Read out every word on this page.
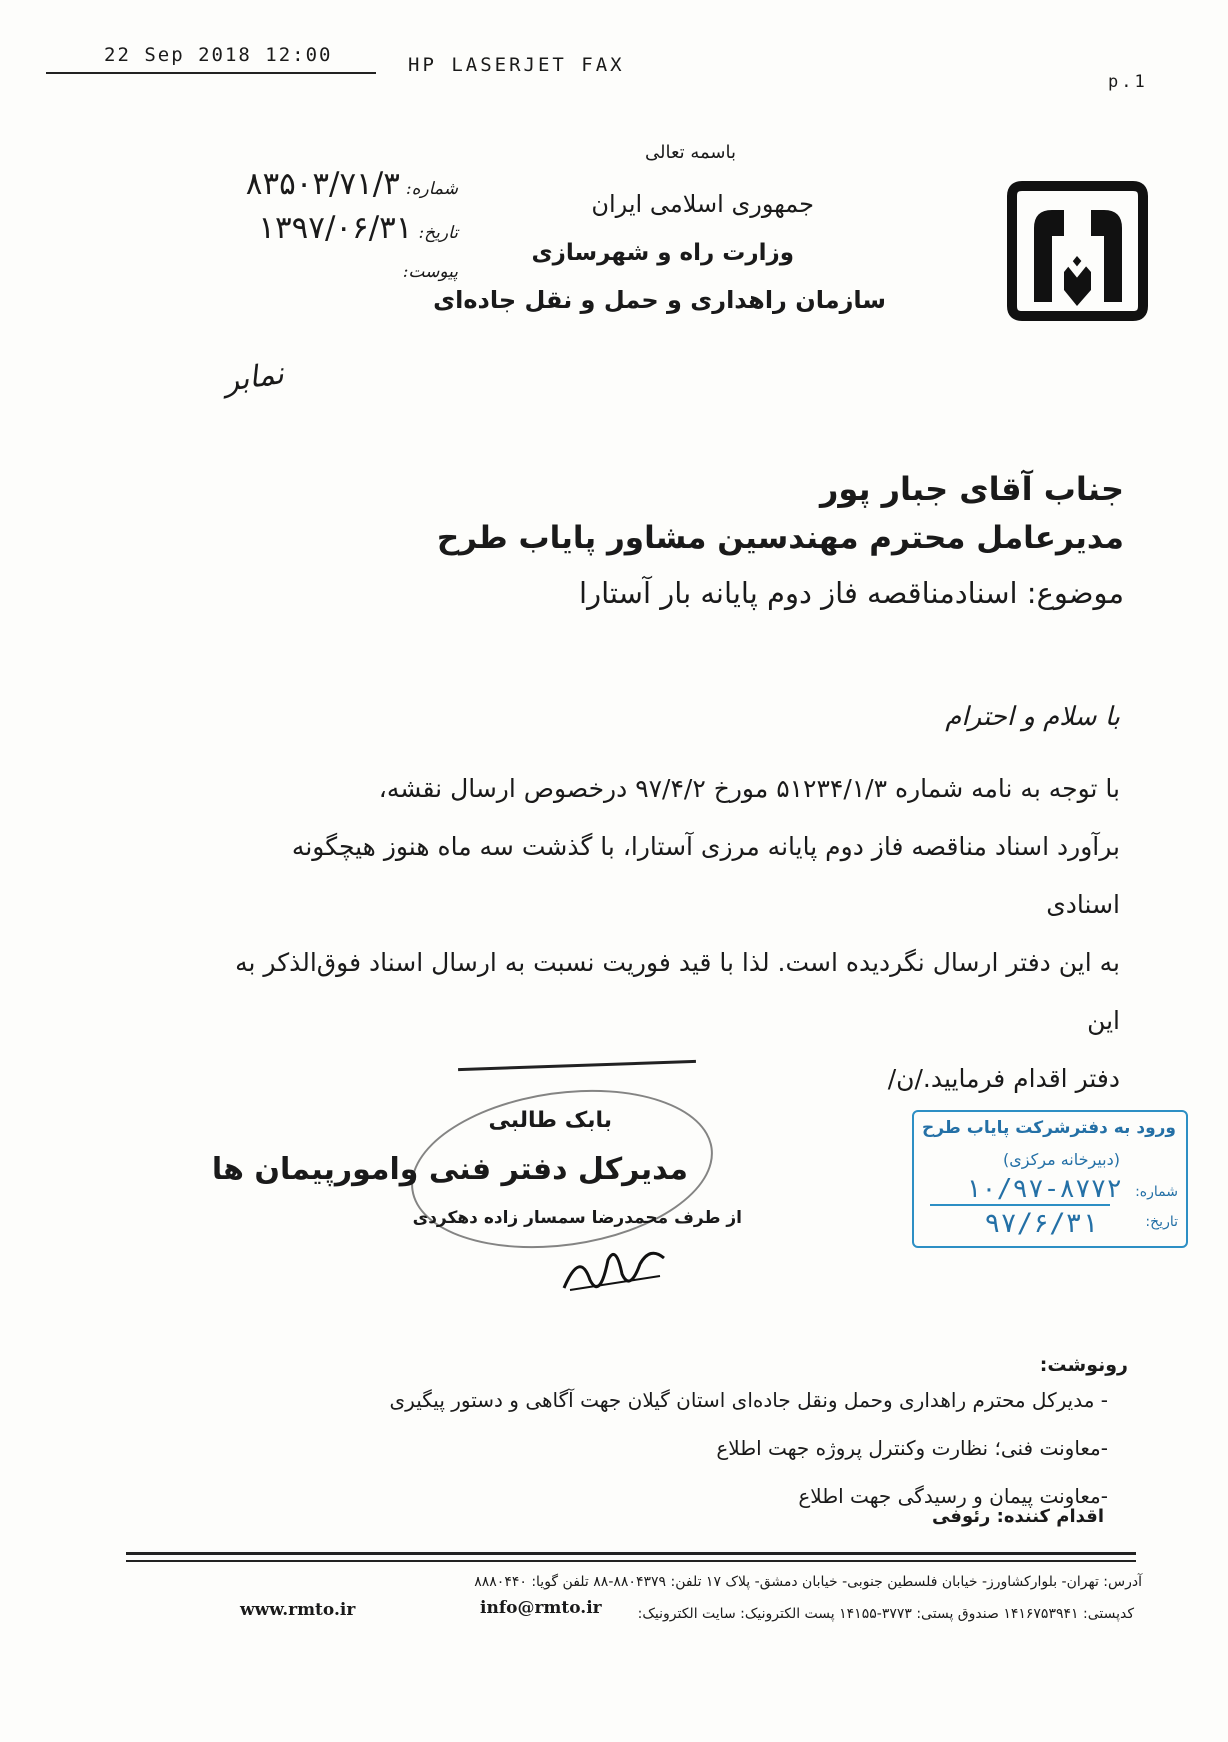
22 Sep 2018 12:00	HP LASERJET FAX
p.1
باسمه تعالی
جمهوری اسلامی ایران
وزارت راه و شهرسازی
سازمان راهداری و حمل و نقل جاده‌ای
شماره:
۸۳۵۰۳/۷۱/۳
تاریخ:
۱۳۹۷/۰۶/۳۱
پیوست:
نمابر
جناب آقای جبار پور
مدیرعامل محترم مهندسین مشاور پایاب طرح
موضوع: اسنادمناقصه فاز دوم پایانه بار آستارا
با سلام و احترام

با توجه به نامه شماره ۵۱۲۳۴/۱/۳ مورخ ۹۷/۴/۲ درخصوص ارسال نقشه،

برآورد اسناد مناقصه فاز دوم پایانه مرزی آستارا، با گذشت سه ماه هنوز هیچگونه اسنادی

به این دفتر ارسال نگردیده است. لذا با قید فوریت نسبت به ارسال اسناد فوق‌الذکر به این

دفتر اقدام فرمایید./ن/

بابک طالبی
مدیرکل دفتر فنی وامورپیمان ها
از طرف محمدرضا سمسار زاده دهکردی
ورود به دفترشرکت پایاب طرح
(دبیرخانه مرکزی)
شماره:
۱۰/۹۷-۸۷۷۲
تاریخ:
۹۷/۶/۳۱
رونوشت:
- مدیرکل محترم راهداری وحمل ونقل جاده‌ای استان گیلان جهت آگاهی و دستور پیگیری
-معاونت فنی؛ نظارت وکنترل پروژه جهت اطلاع
-معاونت پیمان و رسیدگی جهت اطلاع
اقدام کننده: رئوفی
آدرس: تهران- بلوارکشاورز- خیابان فلسطین جنوبی- خیابان دمشق- پلاک ۱۷ تلفن: ۸۸۰۴۳۷۹-۸۸ تلفن گویا: ۸۸۸۰۴۴۰
کدپستی: ۱۴۱۶۷۵۳۹۴۱ صندوق پستی: ۳۷۷۳-۱۴۱۵۵ پست الکترونیک: سایت الکترونیک:
info@rmto.ir
www.rmto.ir
